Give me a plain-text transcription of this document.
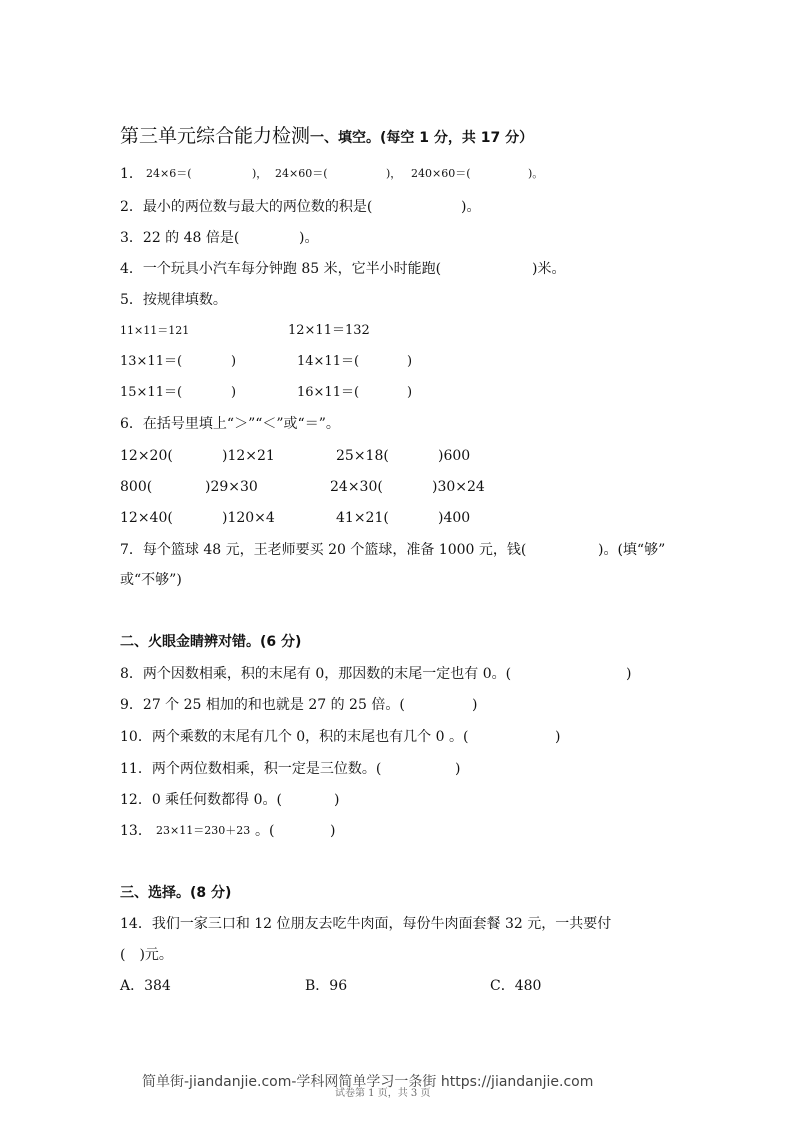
第三单元综合能力检测一、填空。(每空 1 分，共 17 分）
1． 24×6＝(	)， 24×60＝(	)， 240×60＝(	)。
2．最小的两位数与最大的两位数的积是(	)。
3．22 的 48 倍是(	)。
4．一个玩具小汽车每分钟跑 85 米，它半小时能跑(	)米。
5．按规律填数。
11×11＝121	12×11＝132
13×11＝(	)	14×11＝(	)
15×11＝(	)	16×11＝(	)
6．在括号里填上“＞”“＜”或“＝”。
12×20(	)12×21	25×18(	)600
800(	)29×30	24×30(	)30×24
12×40(	)120×4	41×21(	)400
7．每个篮球 48 元，王老师要买 20 个篮球，准备 1000 元，钱(	)。(填“够”
或“不够”)
二、火眼金睛辨对错。(6 分)
8．两个因数相乘，积的末尾有 0，那因数的末尾一定也有 0。(	)
9．27 个 25 相加的和也就是 27 的 25 倍。(	)
10．两个乘数的末尾有几个 0，积的末尾也有几个 0 。(	)
11．两个两位数相乘，积一定是三位数。(	)
12．0 乘任何数都得 0。(	)
13． 23×11＝230＋23 。(	)
三、选择。(8 分)
14．我们一家三口和 12 位朋友去吃牛肉面，每份牛肉面套餐 32 元，一共要付
(　)元。
A．384	B．96	C．480
试卷第 1 页，共 3 页
简单街-jiandanjie.com-学科网简单学习一条街 https://jiandanjie.com
